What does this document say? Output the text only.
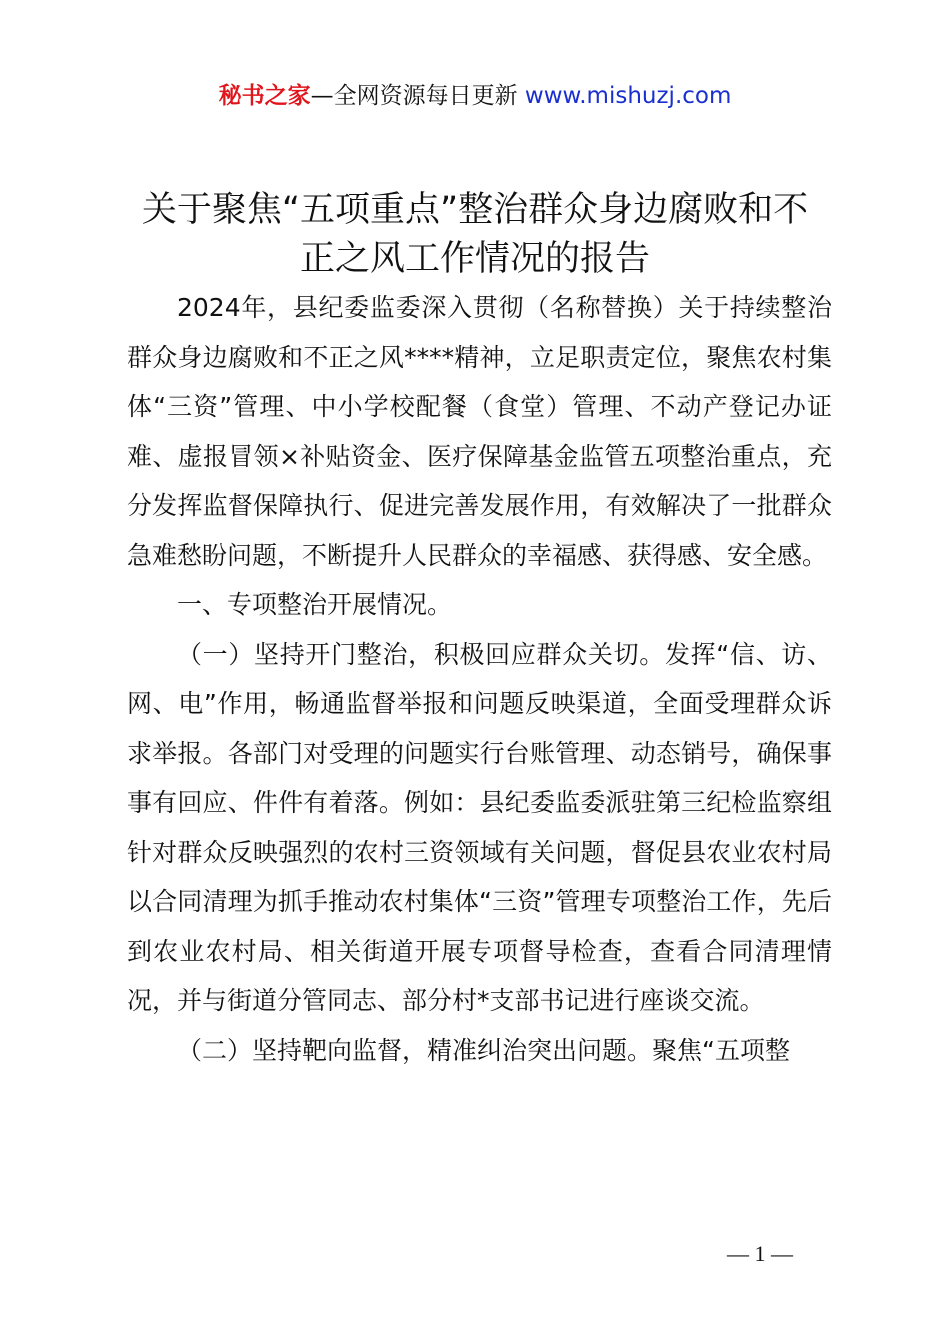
秘书之家—全网资源每日更新 www.mishuzj.com
关于聚焦“五项重点”整治群众身边腐败和不
正之风工作情况的报告

2024年，县纪委监委深入贯彻（名称替换）关于持续整治群众身边腐败和不正之风****精神，立足职责定位，聚焦农村集体“三资”管理、中小学校配餐（食堂）管理、不动产登记办证难、虚报冒领×补贴资金、医疗保障基金监管五项整治重点，充分发挥监督保障执行、促进完善发展作用，有效解决了一批群众急难愁盼问题，不断提升人民群众的幸福感、获得感、安全感。

一、专项整治开展情况。

（一）坚持开门整治，积极回应群众关切。发挥“信、访、网、电”作用，畅通监督举报和问题反映渠道，全面受理群众诉求举报。各部门对受理的问题实行台账管理、动态销号，确保事事有回应、件件有着落。例如：县纪委监委派驻第三纪检监察组针对群众反映强烈的农村三资领域有关问题，督促县农业农村局以合同清理为抓手推动农村集体“三资”管理专项整治工作，先后到农业农村局、相关街道开展专项督导检查，查看合同清理情况，并与街道分管同志、部分村*支部书记进行座谈交流。

（二）坚持靶向监督，精准纠治突出问题。聚焦“五项整

— 1 —
